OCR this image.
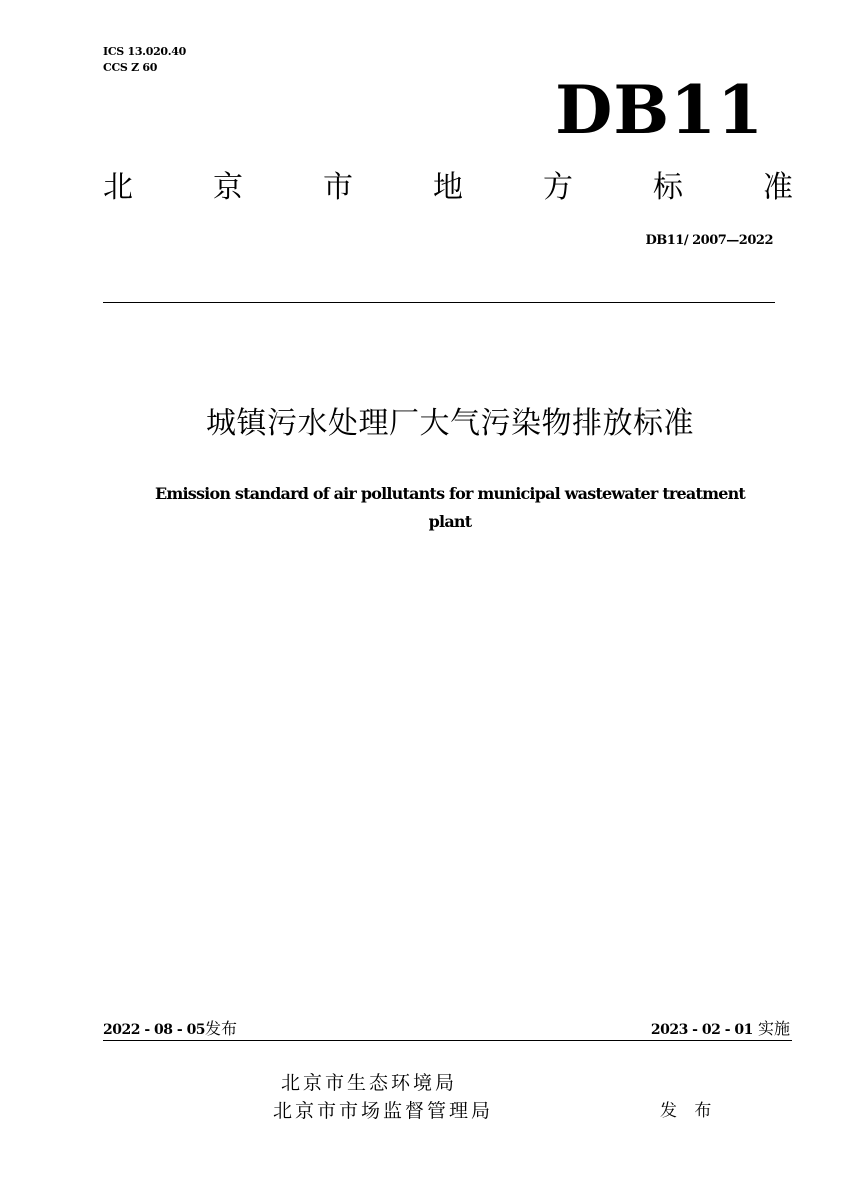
ICS 13.020.40
CCS Z 60
DB11
北	京	市	地	方	标	准
DB11/ 2007—2022
城镇污水处理厂大气污染物排放标准
Emission standard of air pollutants for municipal wastewater treatment
plant
2022 - 08 - 05发布	2023 - 02 - 01 实施
北京市生态环境局
北京市市场监督管理局	发 布
